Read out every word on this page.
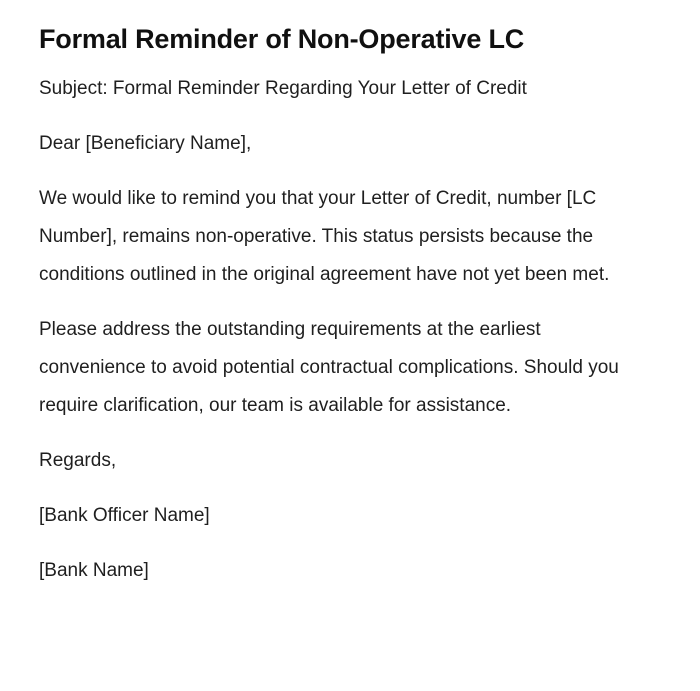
Formal Reminder of Non-Operative LC

Subject: Formal Reminder Regarding Your Letter of Credit

Dear [Beneficiary Name],

We would like to remind you that your Letter of Credit, number [LC Number], remains non-operative. This status persists because the conditions outlined in the original agreement have not yet been met.

Please address the outstanding requirements at the earliest convenience to avoid potential contractual complications. Should you require clarification, our team is available for assistance.

Regards,

[Bank Officer Name]

[Bank Name]
